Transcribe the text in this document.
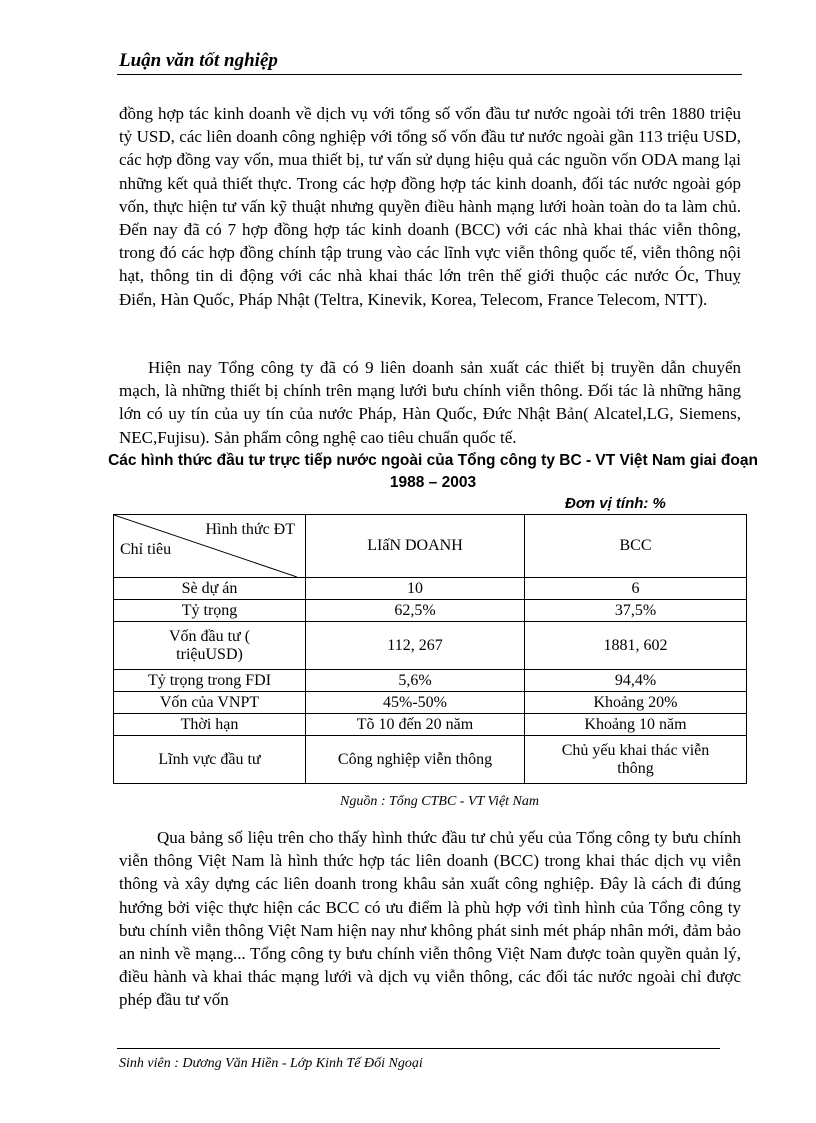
Luận văn tốt nghiệp

đồng hợp tác kinh doanh về dịch vụ với tổng số vốn đầu tư nước ngoài tới trên 1880 triệu tỷ USD, các liên doanh công nghiệp với tổng số vốn đầu tư nước ngoài gần 113 triệu USD, các hợp đồng vay vốn, mua thiết bị, tư vấn sử dụng hiệu quả các nguồn vốn ODA mang lại những kết quả thiết thực. Trong các hợp đồng hợp tác kinh doanh, đối tác nước ngoài góp vốn, thực hiện tư vấn kỹ thuật nhưng quyền điều hành mạng lưới hoàn toàn do ta làm chủ. Đến nay đã có 7 hợp đồng hợp tác kinh doanh (BCC) với các nhà khai thác viễn thông, trong đó các hợp đồng chính tập trung vào các lĩnh vực viễn thông quốc tế, viễn thông nội hạt, thông tin di động với các nhà khai thác lớn trên thế giới thuộc các nước Óc, Thuỵ Điển, Hàn Quốc, Pháp Nhật (Teltra, Kinevik, Korea, Telecom, France Telecom, NTT).

Hiện nay Tổng công ty đã có 9 liên doanh sản xuất các thiết bị truyền dẫn chuyển mạch, là những thiết bị chính trên mạng lưới bưu chính viễn thông. Đối tác là những hãng lớn có uy tín của uy tín của nước Pháp, Hàn Quốc, Đức Nhật Bản( Alcatel,LG, Siemens, NEC,Fujisu). Sản phẩm công nghệ cao tiêu chuẩn quốc tế.

Các hình thức đầu tư trực tiếp nước ngoài của Tổng công ty BC - VT Việt Nam giai đoạn 1988 – 2003

Đơn vị tính: %
Hình thức ĐT
Chỉ tiêu	LIấN DOANH	BCC
Sè dự án	10	6
Tỷ trọng	62,5%	37,5%
Vốn đầu tư ( triệuUSD)	112, 267	1881, 602
Tỷ trọng trong FDI	5,6%	94,4%
Vốn của VNPT	45%-50%	Khoảng 20%
Thời hạn	Tõ 10 đến 20 năm	Khoảng 10 năm
Lĩnh vực đầu tư	Công nghiệp viễn thông	Chủ yếu khai thác viễn thông
Nguồn : Tổng CTBC - VT Việt Nam

Qua bảng số liệu trên cho thấy hình thức đầu tư chủ yếu của Tổng công ty bưu chính viễn thông Việt Nam là hình thức hợp tác liên doanh (BCC) trong khai thác dịch vụ viễn thông và xây dựng các liên doanh trong khâu sản xuất công nghiệp. Đây là cách đi đúng hướng bởi việc thực hiện các BCC có ưu điểm là phù hợp với tình hình của Tổng công ty bưu chính viễn thông Việt Nam hiện nay như không phát sinh mét pháp nhân mới, đảm bảo an ninh về mạng... Tổng công ty bưu chính viễn thông Việt Nam được toàn quyền quản lý, điều hành và khai thác mạng lưới và dịch vụ viễn thông, các đối tác nước ngoài chỉ được phép đầu tư vốn

Sinh viên : Dương Văn Hiền - Lớp Kinh Tế Đối Ngoại
